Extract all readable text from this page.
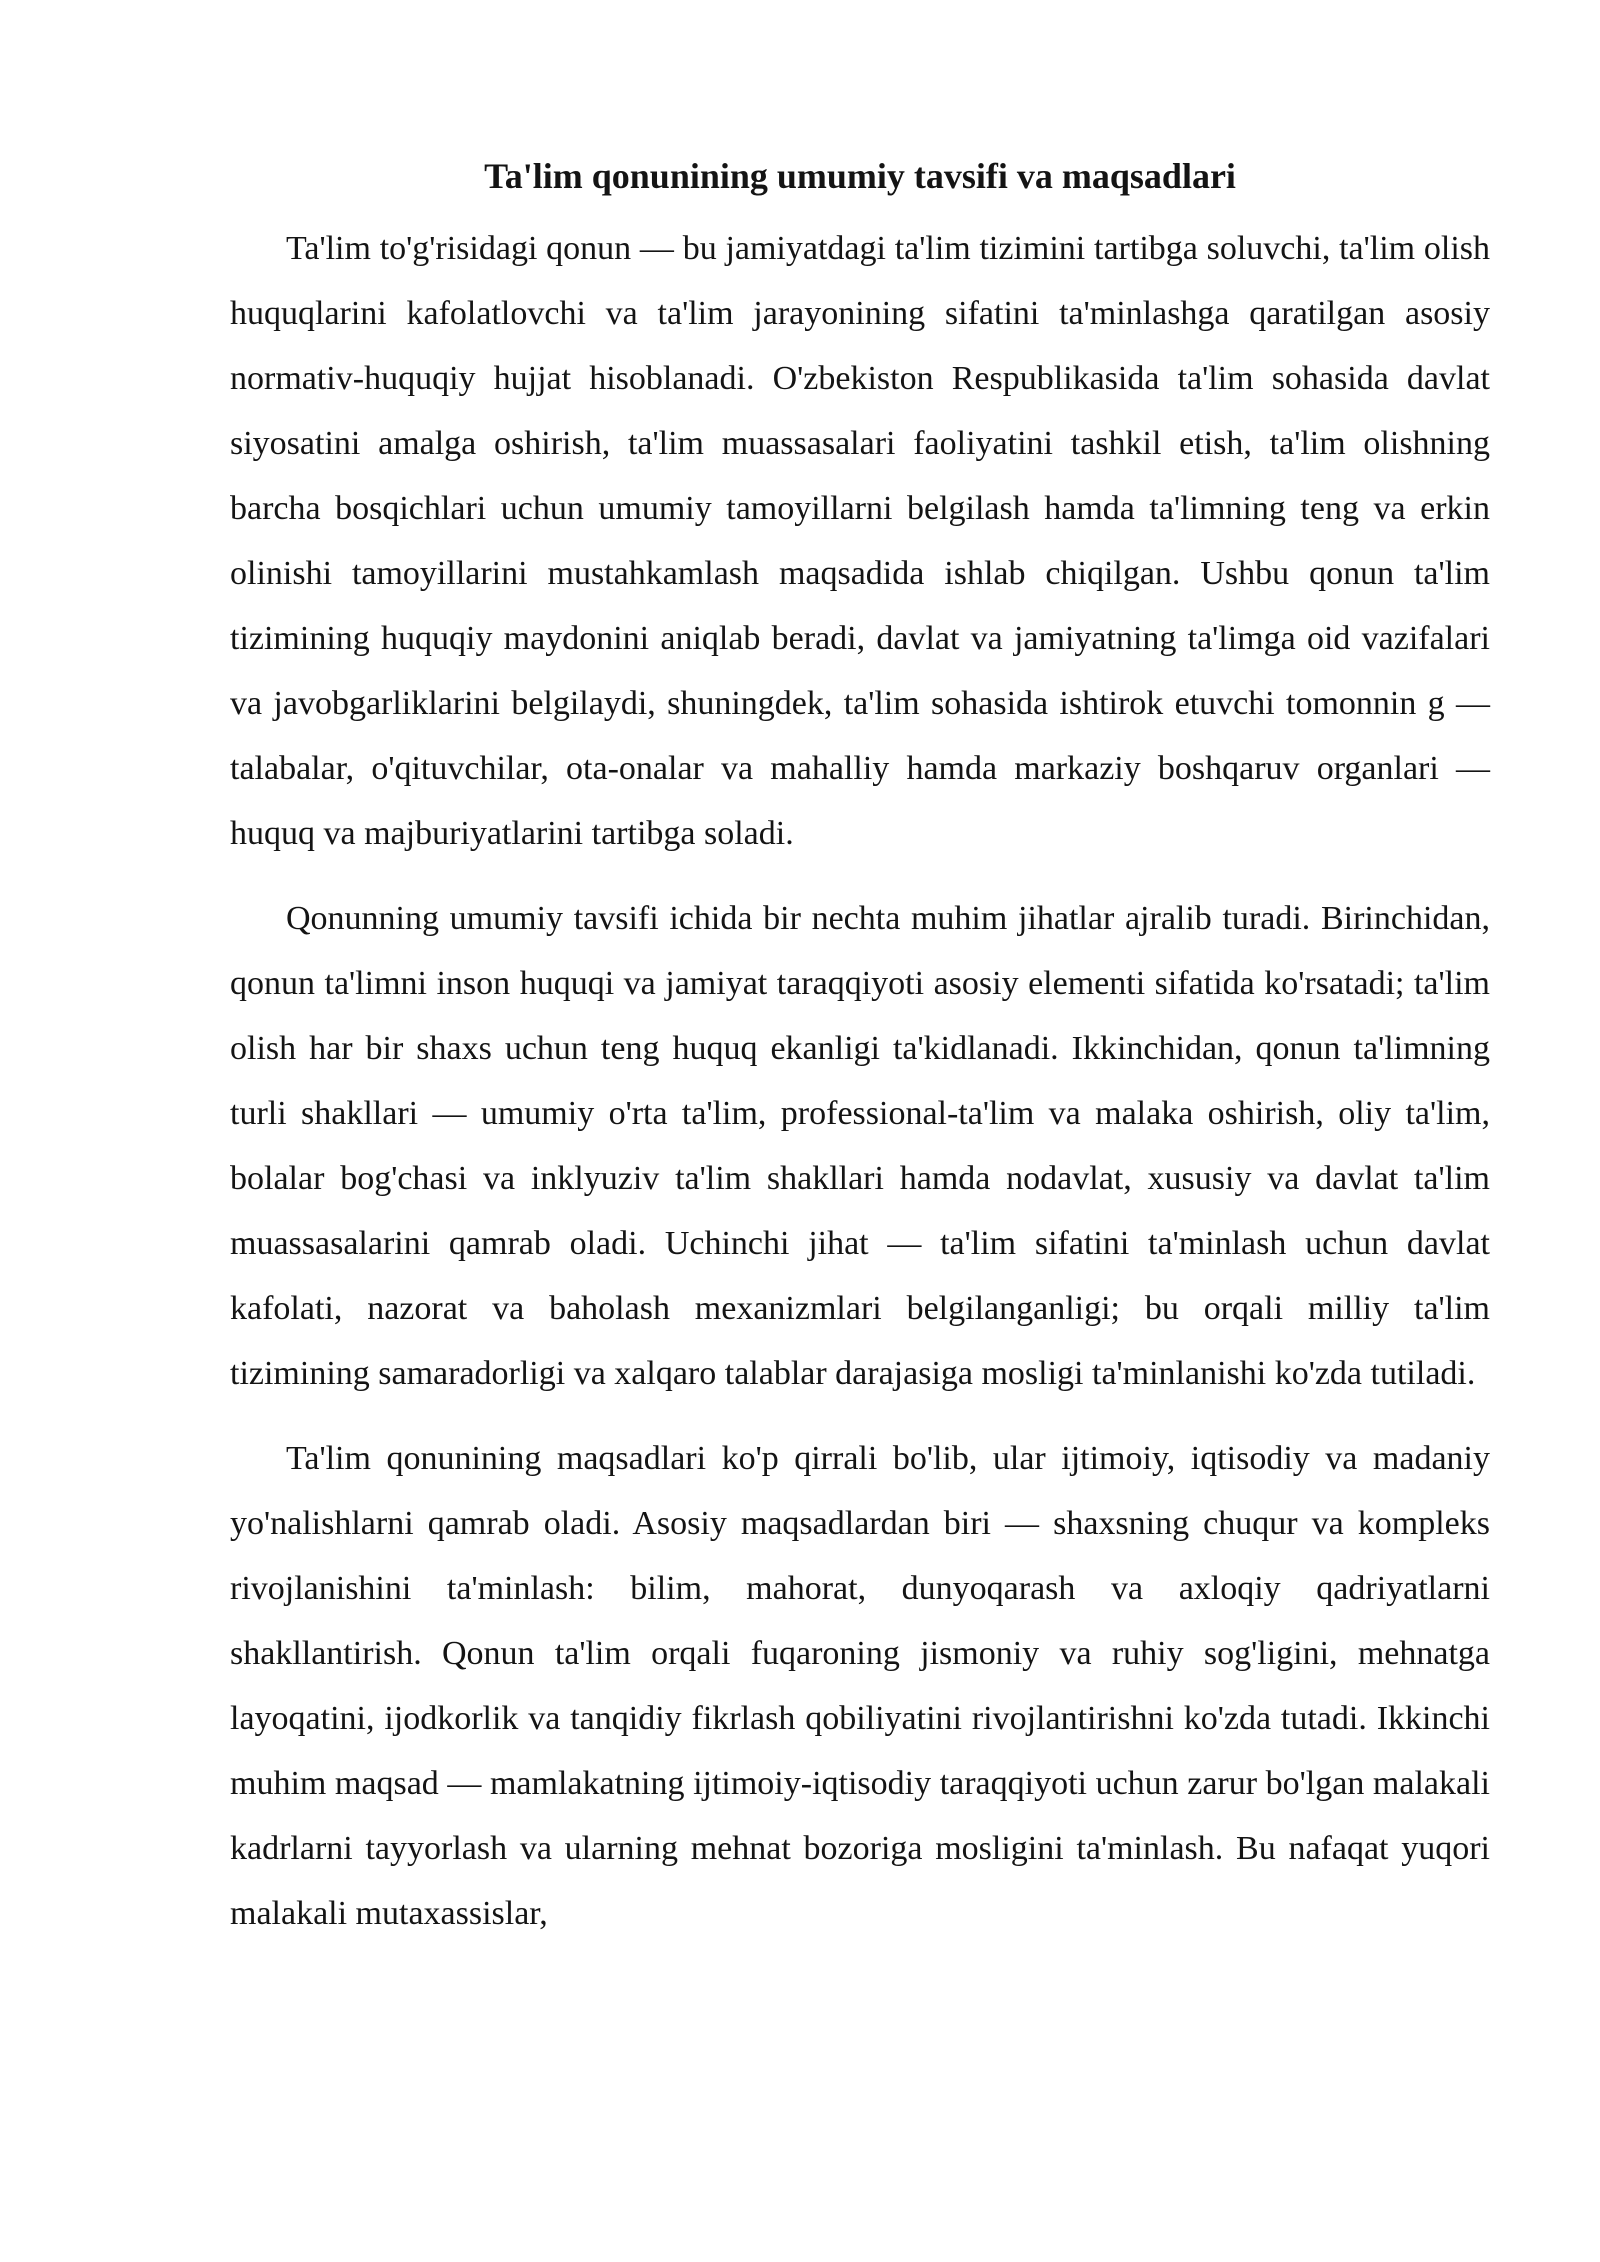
Ta'lim qonunining umumiy tavsifi va maqsadlari

Ta'lim to'g'risidagi qonun — bu jamiyatdagi ta'lim tizimini tartibga soluvchi, ta'lim olish huquqlarini kafolatlovchi va ta'lim jarayonining sifatini ta'minlashga qaratilgan asosiy normativ-huquqiy hujjat hisoblanadi. O'zbekiston Respublikasida ta'lim sohasida davlat siyosatini amalga oshirish, ta'lim muassasalari faoliyatini tashkil etish, ta'lim olishning barcha bosqichlari uchun umumiy tamoyillarni belgilash hamda ta'limning teng va erkin olinishi tamoyillarini mustahkamlash maqsadida ishlab chiqilgan. Ushbu qonun ta'lim tizimining huquqiy maydonini aniqlab beradi, davlat va jamiyatning ta'limga oid vazifalari va javobgarliklarini belgilaydi, shuningdek, ta'lim sohasida ishtirok etuvchi tomonnin g — talabalar, o'qituvchilar, ota-onalar va mahalliy hamda markaziy boshqaruv organlari — huquq va majburiyatlarini tartibga soladi.

Qonunning umumiy tavsifi ichida bir nechta muhim jihatlar ajralib turadi. Birinchidan, qonun ta'limni inson huquqi va jamiyat taraqqiyoti asosiy elementi sifatida ko'rsatadi; ta'lim olish har bir shaxs uchun teng huquq ekanligi ta'kidlanadi. Ikkinchidan, qonun ta'limning turli shakllari — umumiy o'rta ta'lim, professional-ta'lim va malaka oshirish, oliy ta'lim, bolalar bog'chasi va inklyuziv ta'lim shakllari hamda nodavlat, xususiy va davlat ta'lim muassasalarini qamrab oladi. Uchinchi jihat — ta'lim sifatini ta'minlash uchun davlat kafolati, nazorat va baholash mexanizmlari belgilanganligi; bu orqali milliy ta'lim tizimining samaradorligi va xalqaro talablar darajasiga mosligi ta'minlanishi ko'zda tutiladi.

Ta'lim qonunining maqsadlari ko'p qirrali bo'lib, ular ijtimoiy, iqtisodiy va madaniy yo'nalishlarni qamrab oladi. Asosiy maqsadlardan biri — shaxsning chuqur va kompleks rivojlanishini ta'minlash: bilim, mahorat, dunyoqarash va axloqiy qadriyatlarni shakllantirish. Qonun ta'lim orqali fuqaroning jismoniy va ruhiy sog'ligini, mehnatga layoqatini, ijodkorlik va tanqidiy fikrlash qobiliyatini rivojlantirishni ko'zda tutadi. Ikkinchi muhim maqsad — mamlakatning ijtimoiy-iqtisodiy taraqqiyoti uchun zarur bo'lgan malakali kadrlarni tayyorlash va ularning mehnat bozoriga mosligini ta'minlash. Bu nafaqat yuqori malakali mutaxassislar,
